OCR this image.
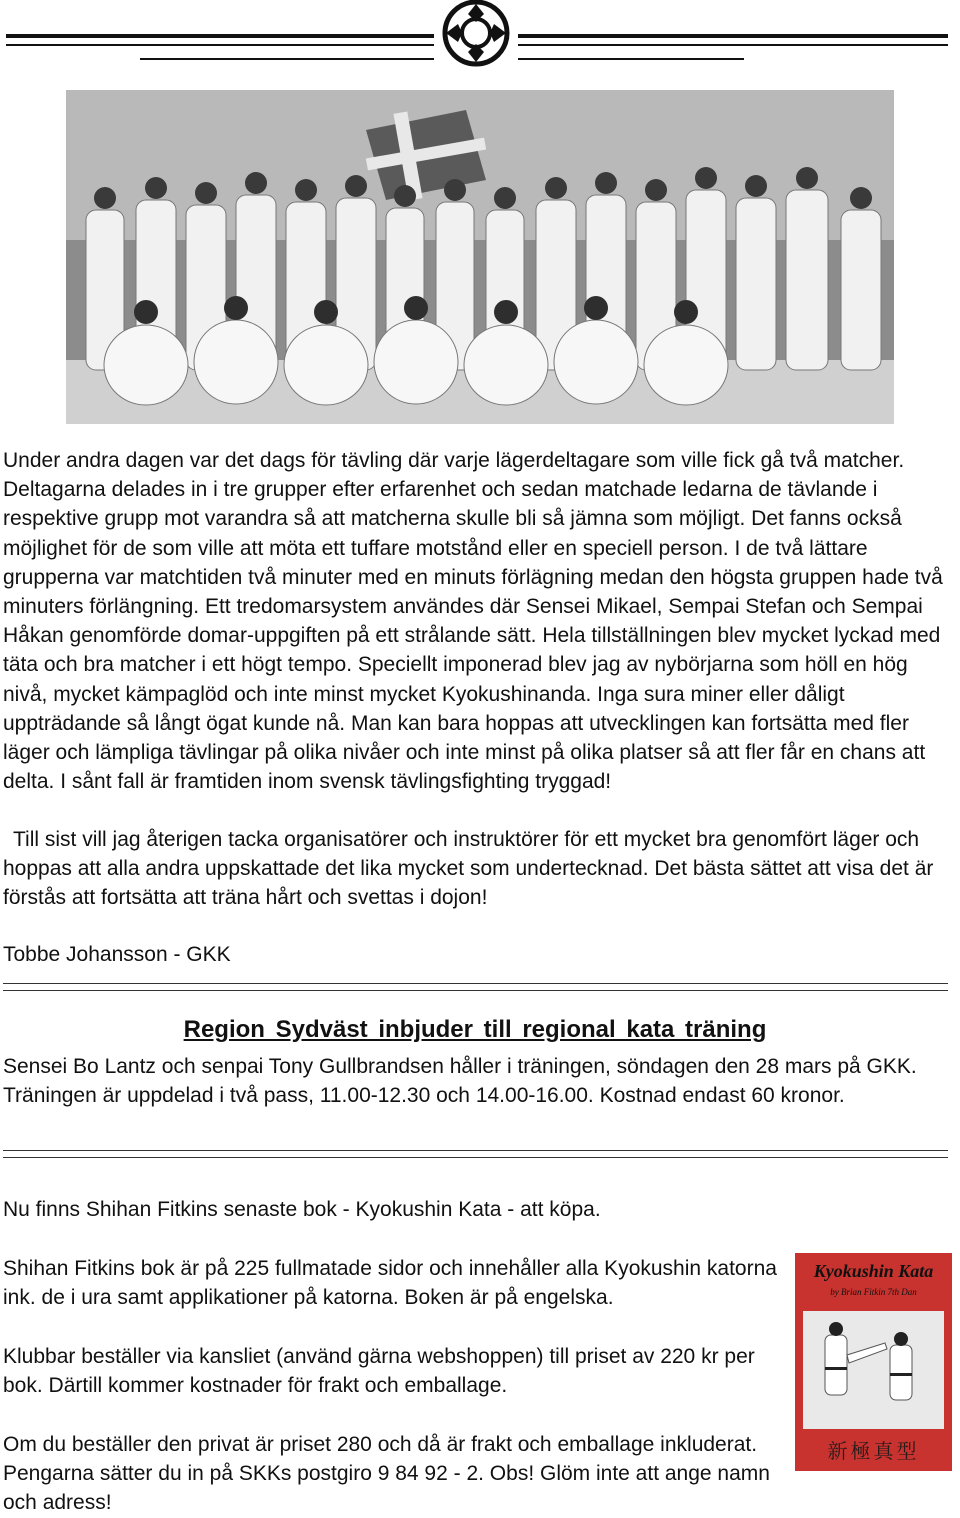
Under andra dagen var det dags för tävling där varje lägerdeltagare som ville fick gå två matcher. Deltagarna delades in i tre grupper efter erfarenhet och sedan matchade ledarna de tävlande i respektive grupp mot varandra så att matcherna skulle bli så jämna som möjligt. Det fanns också möjlighet för de som ville att möta ett tuffare motstånd eller en speciell person. I de två lättare grupperna var matchtiden två minuter med en minuts förlägning medan den högsta gruppen hade två minuters förlängning. Ett tredomarsystem användes där Sensei Mikael, Sempai Stefan och Sempai Håkan genomförde domar-uppgiften på ett strålande sätt. Hela tillställningen blev mycket lyckad med täta och bra matcher i ett högt tempo. Speciellt imponerad blev jag av nybörjarna som höll en hög nivå, mycket kämpaglöd och inte minst mycket Kyokushinanda. Inga sura miner eller dåligt uppträdande så långt ögat kunde nå. Man kan bara hoppas att utvecklingen kan fortsätta med fler läger och lämpliga tävlingar på olika nivåer och inte minst på olika platser så att fler får en chans att delta. I sånt fall är framtiden inom svensk tävlingsfighting tryggad!

Till sist vill jag återigen tacka organisatörer och instruktörer för ett mycket bra genomfört läger och hoppas att alla andra uppskattade det lika mycket som undertecknad. Det bästa sättet att visa det är förstås att fortsätta att träna hårt och svettas i dojon!

Tobbe Johansson - GKK

Region Sydväst inbjuder till regional kata träning

Sensei Bo Lantz och senpai Tony Gullbrandsen håller i träningen, söndagen den 28 mars på GKK. Träningen är uppdelad i två pass, 11.00-12.30 och 14.00-16.00. Kostnad endast 60 kronor.

Nu finns Shihan Fitkins senaste bok - Kyokushin Kata - att köpa.

Shihan Fitkins bok är på 225 fullmatade sidor och innehåller alla Kyokushin katorna ink. de i ura samt applikationer på katorna. Boken är på engelska.

Klubbar beställer via kansliet (använd gärna webshoppen) till priset av 220 kr per bok. Därtill kommer kostnader för frakt och emballage.

Om du beställer den privat är priset 280 och då är frakt och emballage inkluderat. Pengarna sätter du in på SKKs postgiro 9 84 92 - 2. Obs! Glöm inte att ange namn och adress!

Kyokushin Kata
by Brian Fitkin 7th Dan
新極真型
